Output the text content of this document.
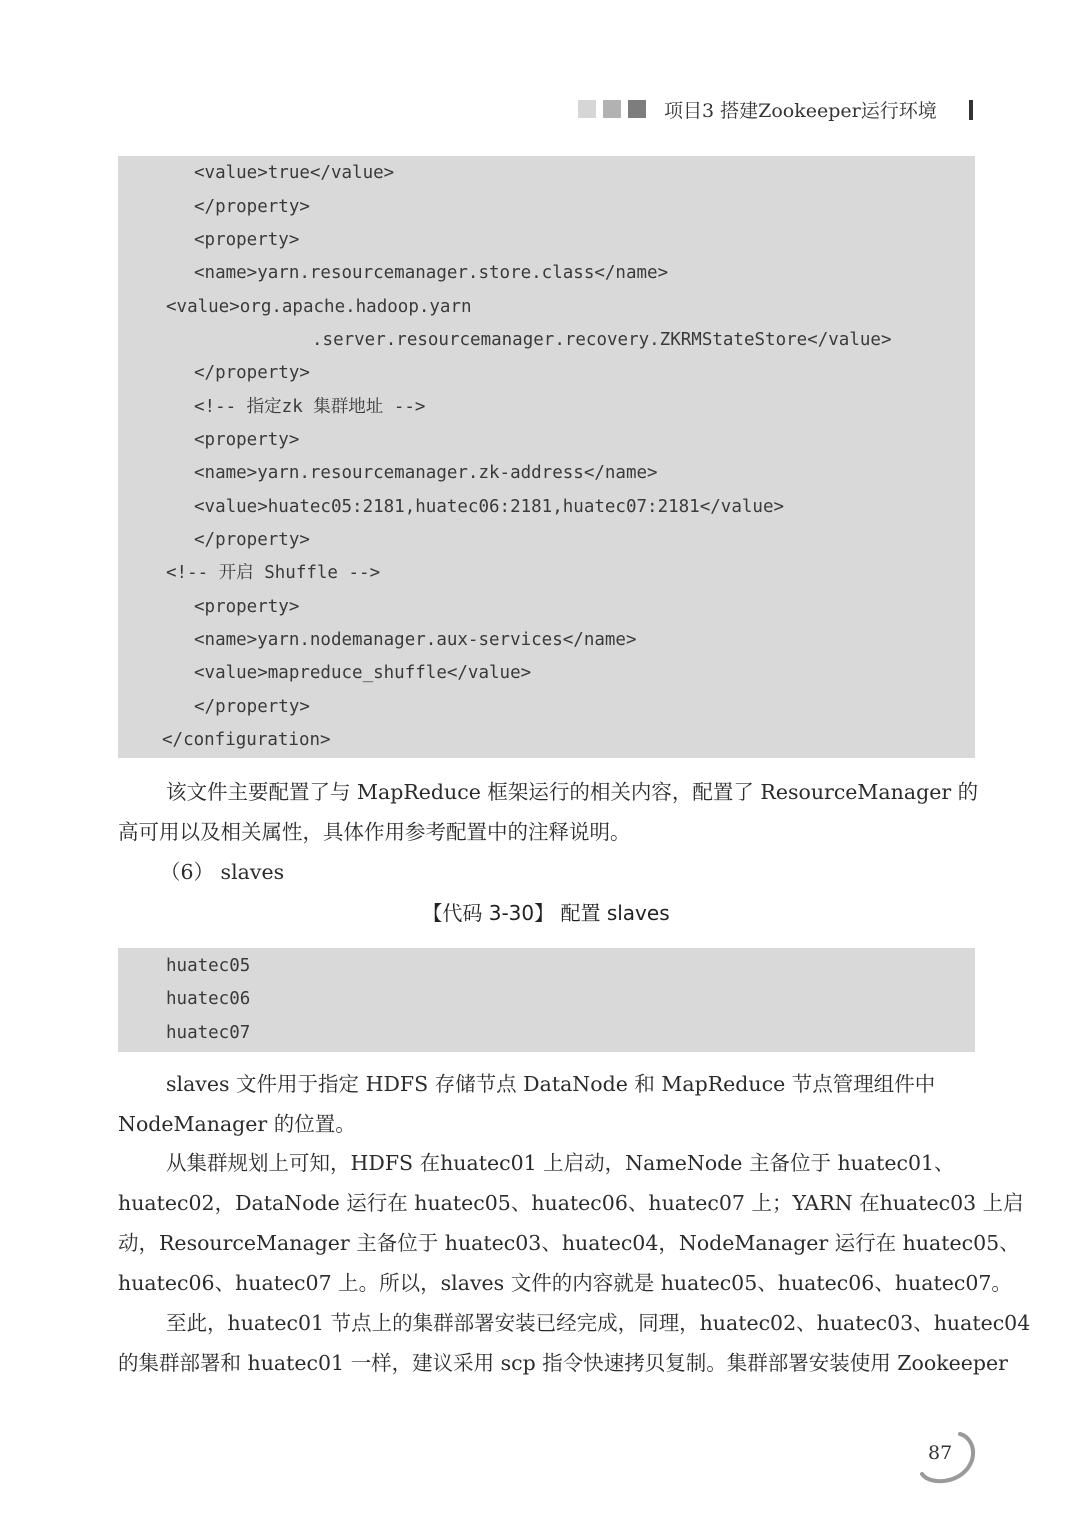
项目3 搭建Zookeeper运行环境
<value>true</value>
</property>
<property>
<name>yarn.resourcemanager.store.class</name>
<value>org.apache.hadoop.yarn
.server.resourcemanager.recovery.ZKRMStateStore</value>
</property>
<!-- 指定zk 集群地址 -->
<property>
<name>yarn.resourcemanager.zk-address</name>
<value>huatec05:2181,huatec06:2181,huatec07:2181</value>
</property>
<!-- 开启 Shuffle -->
<property>
<name>yarn.nodemanager.aux-services</name>
<value>mapreduce_shuffle</value>
</property>
</configuration>
该文件主要配置了与 MapReduce 框架运行的相关内容，配置了 ResourceManager 的
高可用以及相关属性，具体作用参考配置中的注释说明。
（6） slaves
【代码 3-30】 配置 slaves
huatec05
huatec06
huatec07
slaves 文件用于指定 HDFS 存储节点 DataNode 和 MapReduce 节点管理组件中
NodeManager 的位置。
从集群规划上可知，HDFS 在huatec01 上启动，NameNode 主备位于 huatec01、
huatec02，DataNode 运行在 huatec05、huatec06、huatec07 上；YARN 在huatec03 上启
动，ResourceManager 主备位于 huatec03、huatec04，NodeManager 运行在 huatec05、
huatec06、huatec07 上。所以，slaves 文件的内容就是 huatec05、huatec06、huatec07。
至此，huatec01 节点上的集群部署安装已经完成，同理，huatec02、huatec03、huatec04
的集群部署和 huatec01 一样，建议采用 scp 指令快速拷贝复制。集群部署安装使用 Zookeeper
87
